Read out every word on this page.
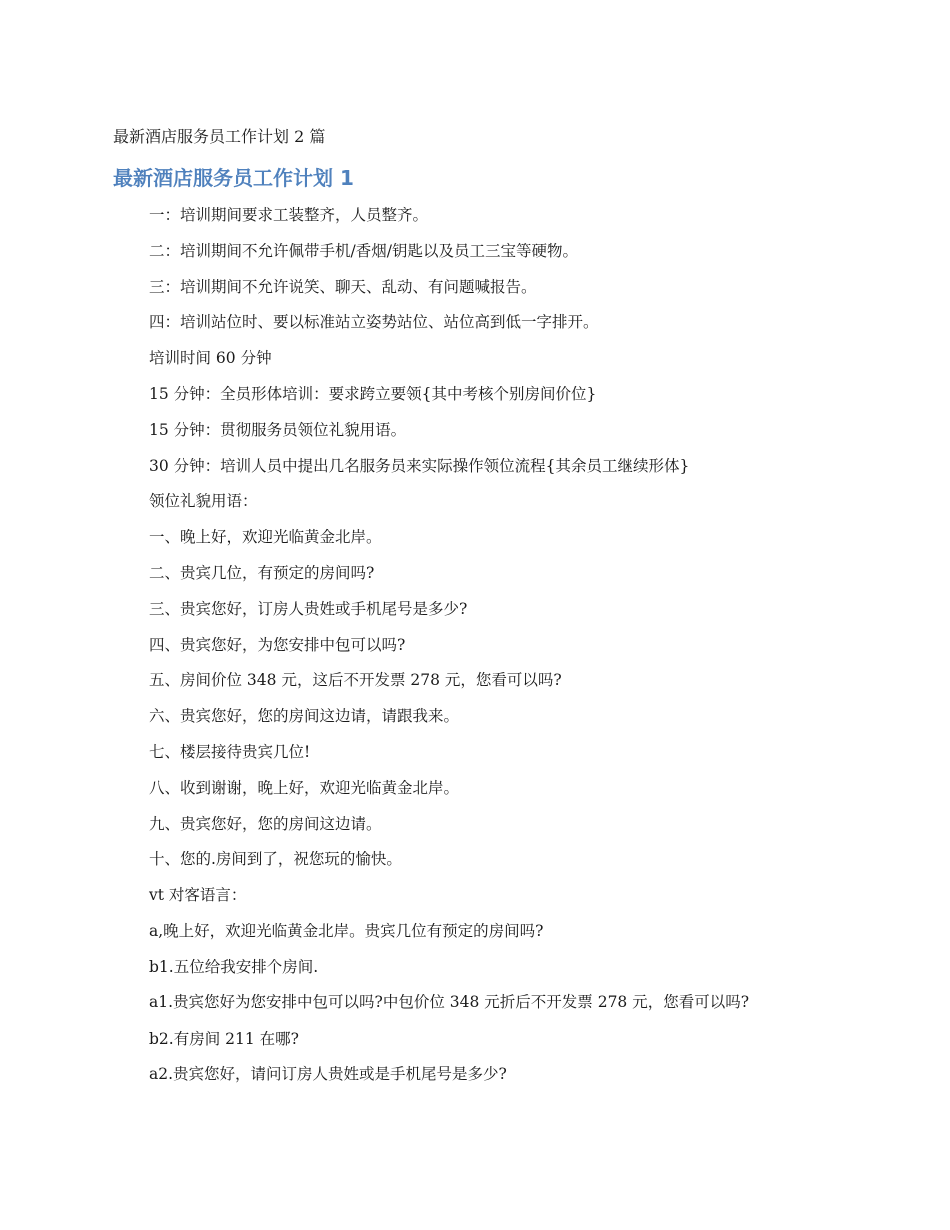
最新酒店服务员工作计划 2 篇
最新酒店服务员工作计划 1

一：培训期间要求工装整齐，人员整齐。

二：培训期间不允许佩带手机/香烟/钥匙以及员工三宝等硬物。

三：培训期间不允许说笑、聊天、乱动、有问题喊报告。

四：培训站位时、要以标准站立姿势站位、站位高到低一字排开。

培训时间 60 分钟

15 分钟：全员形体培训：要求跨立要领{其中考核个别房间价位}

15 分钟：贯彻服务员领位礼貌用语。

30 分钟：培训人员中提出几名服务员来实际操作领位流程{其余员工继续形体}

领位礼貌用语：

一、晚上好，欢迎光临黄金北岸。

二、贵宾几位，有预定的房间吗?

三、贵宾您好，订房人贵姓或手机尾号是多少?

四、贵宾您好，为您安排中包可以吗?

五、房间价位 348 元，这后不开发票 278 元，您看可以吗?

六、贵宾您好，您的房间这边请，请跟我来。

七、楼层接待贵宾几位!

八、收到谢谢，晚上好，欢迎光临黄金北岸。

九、贵宾您好，您的房间这边请。

十、您的.房间到了，祝您玩的愉快。

vt 对客语言：

a,晚上好，欢迎光临黄金北岸。贵宾几位有预定的房间吗?

b1.五位给我安排个房间.

a1.贵宾您好为您安排中包可以吗?中包价位 348 元折后不开发票 278 元，您看可以吗?

b2.有房间 211 在哪?

a2.贵宾您好，请问订房人贵姓或是手机尾号是多少?
